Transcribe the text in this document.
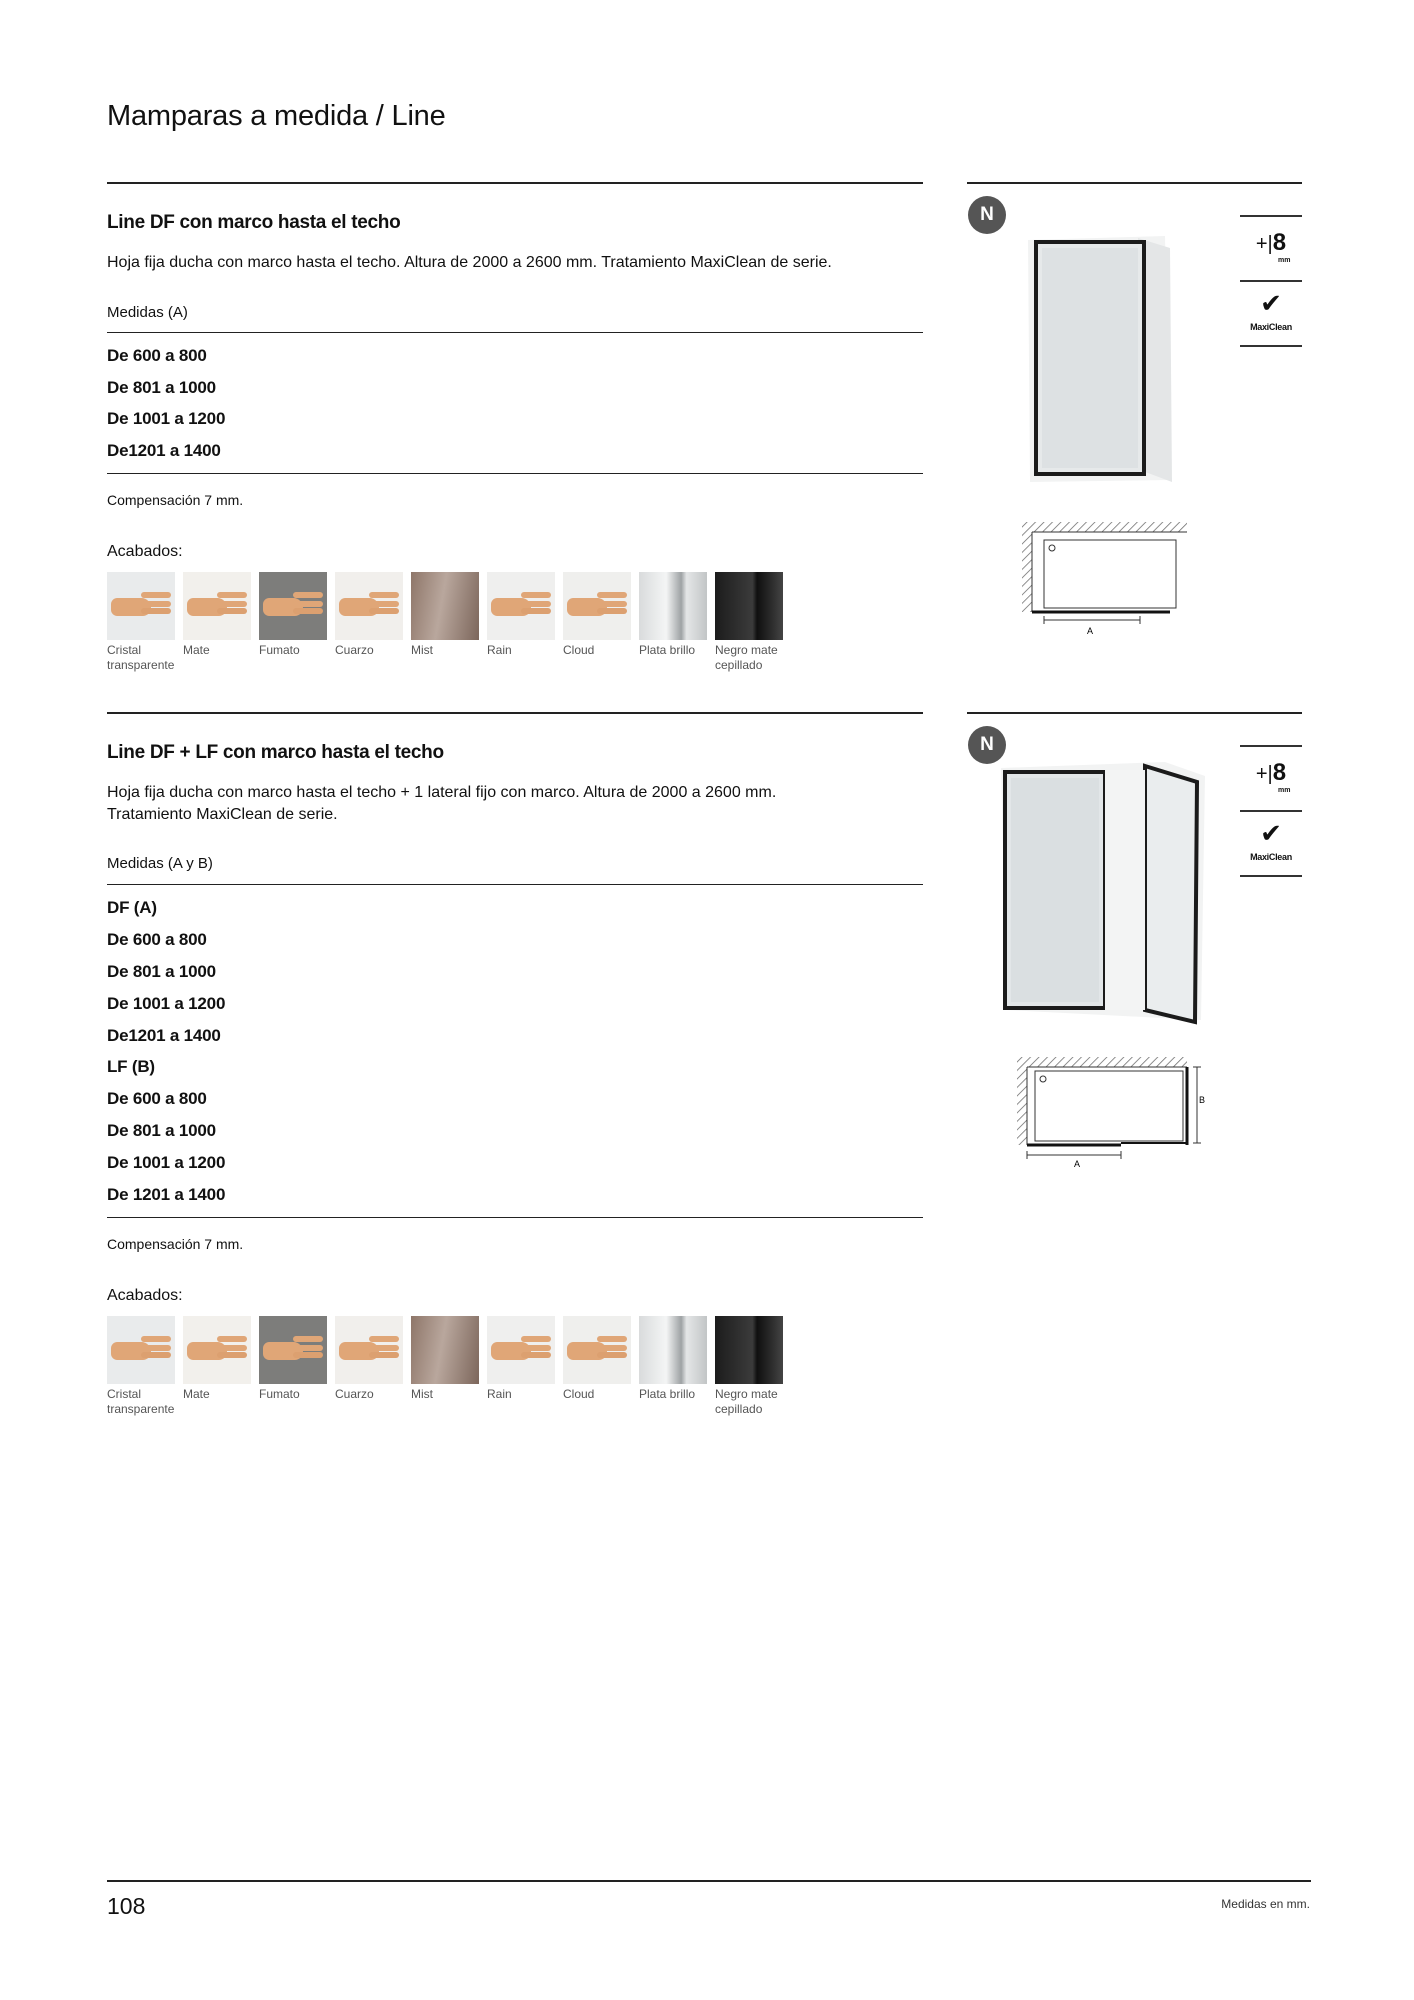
Mamparas a medida / Line
Line DF con marco hasta el techo
Hoja fija ducha con marco hasta el techo. Altura de 2000 a 2600 mm. Tratamiento MaxiClean de serie.
Medidas (A)
De 600 a 800
De 801 a 1000
De 1001 a 1200
De1201 a 1400
Compensación 7 mm.
Acabados:
Cristal
transparente
Mate	Fumato	Cuarzo	Mist	Rain	Cloud	Plata brillo	Negro mate
cepillado
N
+|8
mm
✔
MaxiClean
A
Line DF + LF con marco hasta el techo
Hoja fija ducha con marco hasta el techo + 1 lateral fijo con marco. Altura de 2000 a 2600 mm.
Tratamiento MaxiClean de serie.
Medidas (A y B)
DF (A)
De 600 a 800
De 801 a 1000
De 1001 a 1200
De1201 a 1400
LF (B)
De 600 a 800
De 801 a 1000
De 1001 a 1200
De 1201 a 1400
Compensación 7 mm.
Acabados:
Cristal
transparente
Mate	Fumato	Cuarzo	Mist	Rain	Cloud	Plata brillo	Negro mate
cepillado
N
+|8
mm
✔
MaxiClean
B
A
108	Medidas en mm.
